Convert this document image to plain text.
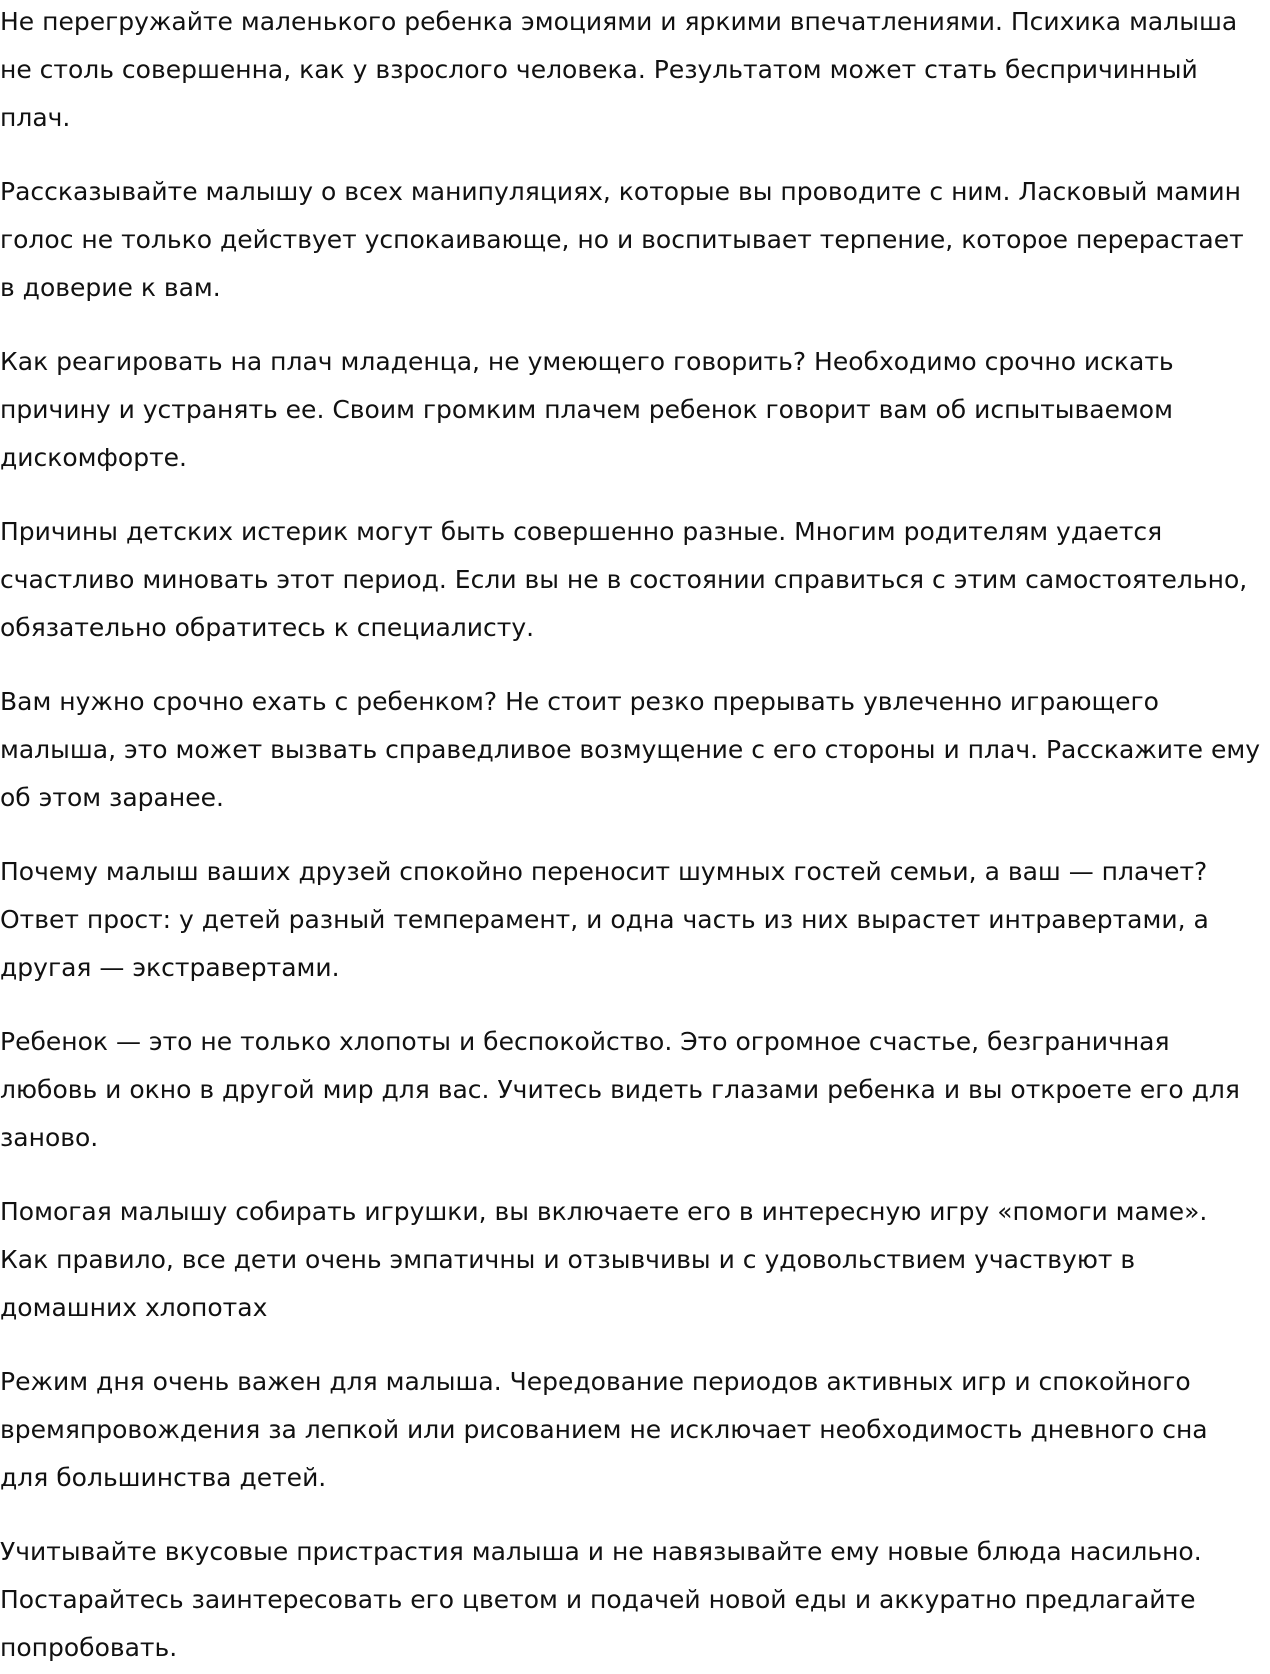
Не перегружайте маленького ребенка эмоциями и яркими впечатлениями. Психика малыша не столь совершенна, как у взрослого человека. Результатом может стать беспричинный плач.

Рассказывайте малышу о всех манипуляциях, которые вы проводите с ним. Ласковый мамин голос не только действует успокаивающе, но и воспитывает терпение, которое перерастает в доверие к вам.

Как реагировать на плач младенца, не умеющего говорить? Необходимо срочно искать причину и устранять ее. Своим громким плачем ребенок говорит вам об испытываемом дискомфорте.

Причины детских истерик могут быть совершенно разные. Многим родителям удается счастливо миновать этот период. Если вы не в состоянии справиться с этим самостоятельно, обязательно обратитесь к специалисту.

Вам нужно срочно ехать с ребенком? Не стоит резко прерывать увлеченно играющего малыша, это может вызвать справедливое возмущение с его стороны и плач. Расскажите ему об этом заранее.

Почему малыш ваших друзей спокойно переносит шумных гостей семьи, а ваш — плачет? Ответ прост: у детей разный темперамент, и одна часть из них вырастет интравертами, а другая — экстравертами.

Ребенок — это не только хлопоты и беспокойство. Это огромное счастье, безграничная любовь и окно в другой мир для вас. Учитесь видеть глазами ребенка и вы откроете его для заново.

Помогая малышу собирать игрушки, вы включаете его в интересную игру «помоги маме». Как правило, все дети очень эмпатичны и отзывчивы и с удовольствием участвуют в домашних хлопотах

Режим дня очень важен для малыша. Чередование периодов активных игр и спокойного времяпровождения за лепкой или рисованием не исключает необходимость дневного сна для большинства детей.

Учитывайте вкусовые пристрастия малыша и не навязывайте ему новые блюда насильно. Постарайтесь заинтересовать его цветом и подачей новой еды и аккуратно предлагайте попробовать.
